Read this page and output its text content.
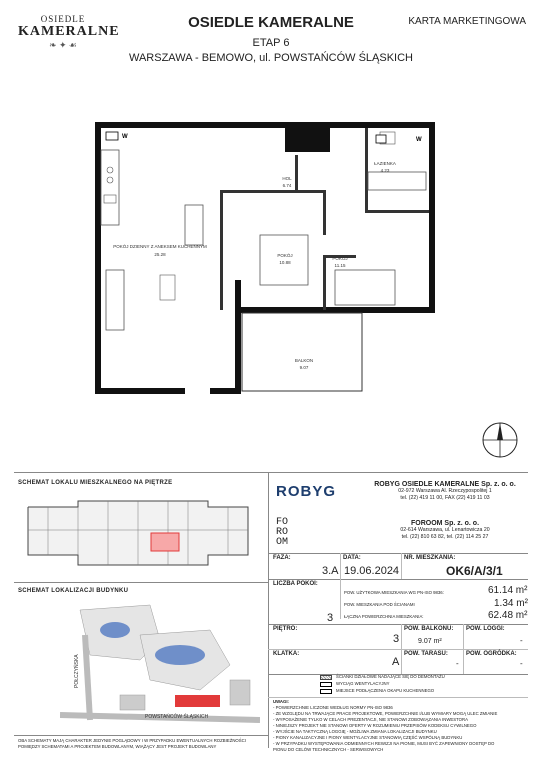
OSIEDLE
KAMERALNE
❧ ✦ ☙
OSIEDLE KAMERALNE
ETAP 6
WARSZAWA - BEMOWO, ul. POWSTAŃCÓW ŚLĄSKICH
KARTA MARKETINGOWA
POKÓJ DZIENNY Z ANEKSEM KUCHENNYM
25.28
HOL
6.74
ŁAZIENKA
4.23
POKÓJ
10.88
POKÓJ
11.15
BALKON
9.07
W	W
SCHEMAT LOKALU MIESZKALNEGO NA PIĘTRZE
SCHEMAT LOKALIZACJI BUDYNKU
POŁCZYŃSKA
POWSTAŃCÓW ŚLĄSKICH
ROBYG	ROBYG OSIEDLE KAMERALNE Sp. z. o. o.
02-972 Warszawa Al. Rzeczypospolitej 1
tel. (22) 419 11 00, FAX (22) 419 11 03
FO
RO
OM
FOROOM Sp. z. o. o.
02-614 Warszawa, ul. Lenartowicza 20
tel. (22) 810 63 82, tel. (22) 114 25 27
FAZA:
3.A
DATA:
19.06.2024
NR. MIESZKANIA:
OK6/A/3/1
LICZBA POKOI:
3
POW. UŻYTKOWA MIESZKANIA WG PN-ISO 9836:	61.14 m²
POW. MIESZKANIA POD ŚCIANAMI	1.34 m²
ŁĄCZNA POWIERZCHNIA MIESZKANIA:	62.48 m²
PIĘTRO:
3
POW. BALKONU:
9.07 m²
POW. LOGGI:
-
KLATKA:
A
POW. TARASU:
-
POW. OGRÓDKA:
-
ŚCIANKI DZIAŁOWE NADAJĄCE SIĘ DO DEMONTAŻU
WYCIĄG WENTYLACYJNY
MIEJSCE PODŁĄCZENIA OKAPU KUCHENNEGO
UWAGI:
- POWIERZCHNIE LICZONE WEDŁUG NORMY PN-ISO 9836
- ZE WZGLĘDU NA TRWAJĄCE PRACE PROJEKTOWE, POWIERZCHNIE I/LUB WYMIARY MOGĄ ULEC ZMIANIE
- WYPOSAŻENIE TYLKO W CELACH PREZENTACJI, NIE STANOWI ZOBOWIĄZANIA INWESTORA
- NINIEJSZY PROJEKT NIE STANOWI OFERTY W ROZUMIENIU PRZEPISÓW KODEKSU CYWILNEGO
- WYJŚCIE NA TAKTYCZNĄ LOGGIĘ - MOŻLIWA ZMIANA LOKALIZACJI BUDYNKU
- PIONY KANALIZACYJNE I PIONY WENTYLACYJNE STANOWIĄ CZĘŚĆ WSPÓLNĄ BUDYNKU
- W PRZYPADKU WYSTĘPOWANIA ODMIENNYCH REWIZJI NA PIONIE, MUSI BYĆ ZAPEWNIONY DOSTĘP DO
PIONU DO CELÓW TECHNICZNYCH - SERWISOWYCH
OBA SCHEMATY MAJĄ CHARAKTER JEDYNIE POGLĄDOWY I W PRZYPADKU EWENTUALNYCH ROZBIEŻNOŚCI
POMIĘDZY SCHEMATAMI A PROJEKTEM BUDOWLANYM, WIĄŻĄCY JEST PROJEKT BUDOWLANY
